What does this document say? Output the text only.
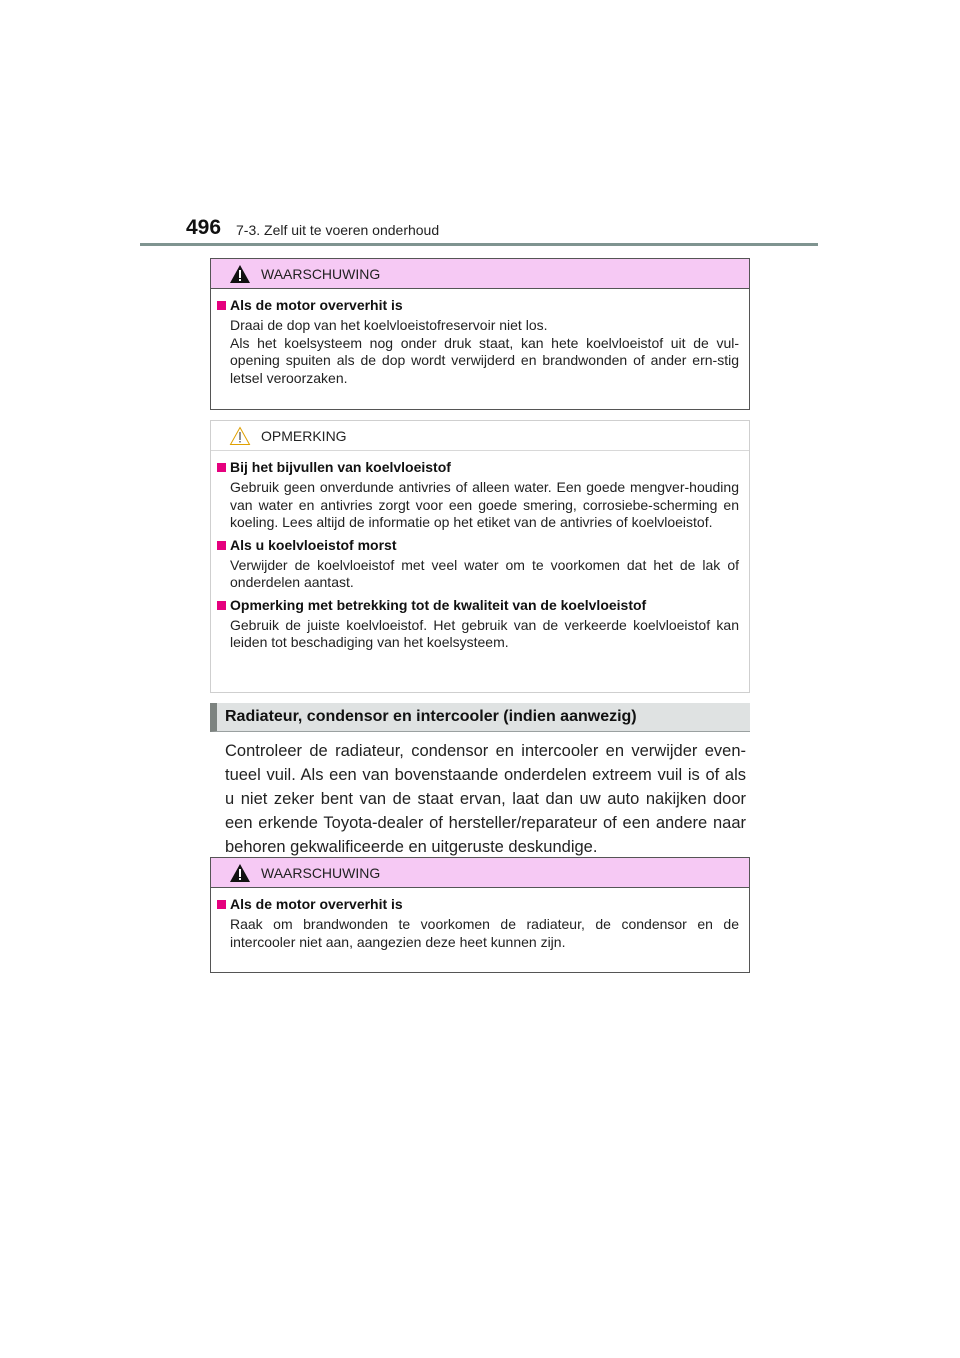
496 7-3. Zelf uit te voeren onderhoud
WAARSCHUWING
Als de motor oververhit is
Draai de dop van het koelvloeistofreservoir niet los.
Als het koelsysteem nog onder druk staat, kan hete koelvloeistof uit de vul-opening spuiten als de dop wordt verwijderd en brandwonden of ander ern-stig letsel veroorzaken.
OPMERKING
Bij het bijvullen van koelvloeistof
Gebruik geen onverdunde antivries of alleen water. Een goede mengver-houding van water en antivries zorgt voor een goede smering, corrosiebe-scherming en koeling. Lees altijd de informatie op het etiket van de antivries of koelvloeistof.
Als u koelvloeistof morst
Verwijder de koelvloeistof met veel water om te voorkomen dat het de lak of onderdelen aantast.
Opmerking met betrekking tot de kwaliteit van de koelvloeistof
Gebruik de juiste koelvloeistof. Het gebruik van de verkeerde koelvloeistof kan leiden tot beschadiging van het koelsysteem.
Radiateur, condensor en intercooler (indien aanwezig)
Controleer de radiateur, condensor en intercooler en verwijder even-tueel vuil. Als een van bovenstaande onderdelen extreem vuil is of als u niet zeker bent van de staat ervan, laat dan uw auto nakijken door een erkende Toyota-dealer of hersteller/reparateur of een andere naar behoren gekwalificeerde en uitgeruste deskundige.
WAARSCHUWING
Als de motor oververhit is
Raak om brandwonden te voorkomen de radiateur, de condensor en de intercooler niet aan, aangezien deze heet kunnen zijn.
